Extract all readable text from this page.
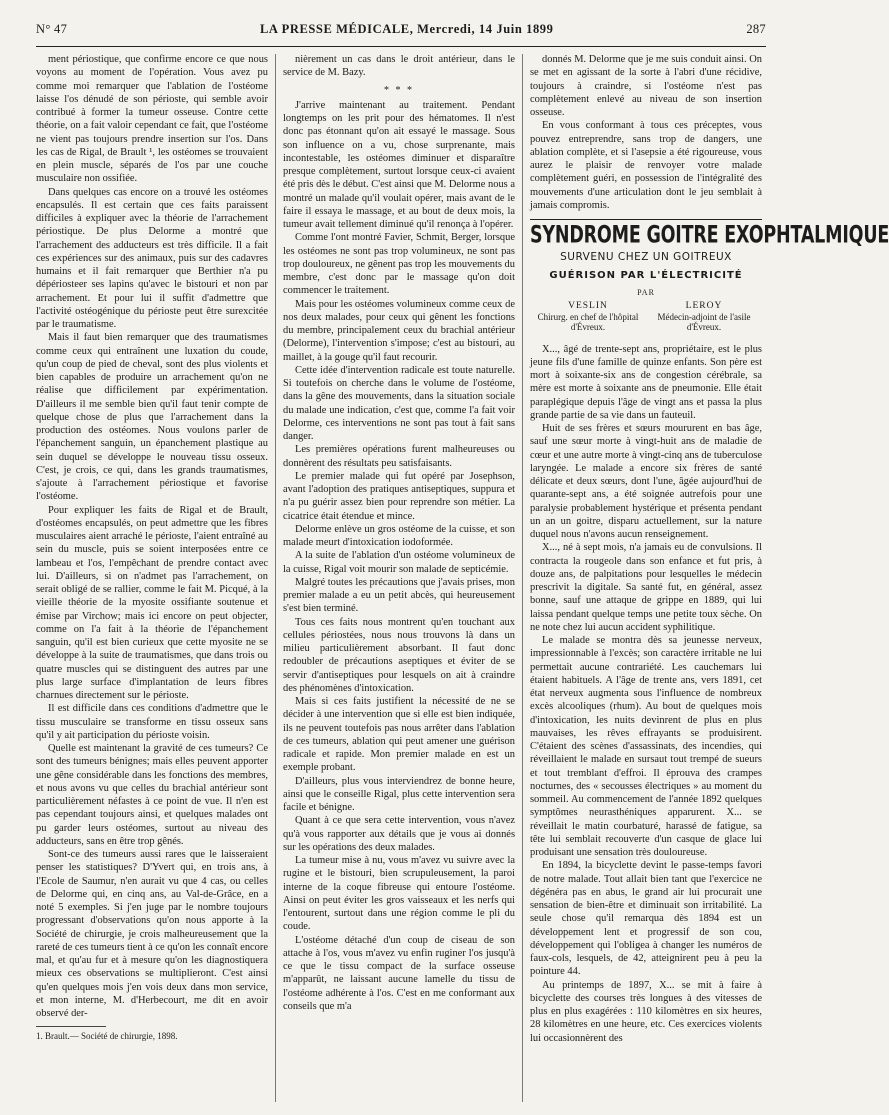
N° 47	LA PRESSE MÉDICALE, Mercredi, 14 Juin 1899	287

ment périostique, que confirme encore ce que nous voyons au moment de l'opération. Vous avez pu comme moi remarquer que l'ablation de l'ostéome laisse l'os dénudé de son périoste, qui semble avoir contribué à former la tumeur osseuse. Contre cette théorie, on a fait valoir cependant ce fait, que l'ostéome ne vient pas toujours prendre insertion sur l'os. Dans les cas de Rigal, de Brault ¹, les ostéomes se trouvaient en plein muscle, séparés de l'os par une couche musculaire non ossifiée.

Dans quelques cas encore on a trouvé les ostéomes encapsulés. Il est certain que ces faits paraissent difficiles à expliquer avec la théorie de l'arrachement périostique. De plus Delorme a montré que l'arrachement des adducteurs est très difficile. Il a fait ces expériences sur des animaux, puis sur des cadavres humains et il fait remarquer que Berthier n'a pu dépériosteer ses lapins qu'avec le bistouri et non par arrachement. Et pour lui il suffit d'admettre que l'activité ostéogénique du périoste peut être surexcitée par le traumatisme.

Mais il faut bien remarquer que des traumatismes comme ceux qui entraînent une luxation du coude, qu'un coup de pied de cheval, sont des plus violents et bien capables de produire un arrachement qu'on ne réalise que difficilement par expérimentation. D'ailleurs il me semble bien qu'il faut tenir compte de quelque chose de plus que l'arrachement dans la production des ostéomes. Nous voulons parler de l'épanchement sanguin, un épanchement plastique au sein duquel se développe le nouveau tissu osseux. C'est, je crois, ce qui, dans les grands traumatismes, s'ajoute à l'arrachement périostique et favorise l'ostéome.

Pour expliquer les faits de Rigal et de Brault, d'ostéomes encapsulés, on peut admettre que les fibres musculaires aient arraché le périoste, l'aient entraîné au sein du muscle, puis se soient interposées entre ce lambeau et l'os, l'empêchant de prendre contact avec lui. D'ailleurs, si on n'admet pas l'arrachement, on serait obligé de se rallier, comme le fait M. Picqué, à la vieille théorie de la myosite ossifiante soutenue et émise par Virchow; mais ici encore on peut objecter, comme on l'a fait à la théorie de l'épanchement sanguin, qu'il est bien curieux que cette myosite ne se développe à la suite de traumatismes, que dans trois ou quatre muscles qui se distinguent des autres par une plus large surface d'implantation de leurs fibres charnues directement sur le périoste.

Il est difficile dans ces conditions d'admettre que le tissu musculaire se transforme en tissu osseux sans qu'il y ait participation du périoste voisin.

Quelle est maintenant la gravité de ces tumeurs? Ce sont des tumeurs bénignes; mais elles peuvent apporter une gêne considérable dans les fonctions des membres, et nous avons vu que celles du brachial antérieur sont particulièrement néfastes à ce point de vue. Il n'en est pas cependant toujours ainsi, et quelques malades ont pu garder leurs ostéomes, surtout au niveau des adducteurs, sans en être trop gênés.

Sont-ce des tumeurs aussi rares que le laisseraient penser les statistiques? D'Yvert qui, en trois ans, à l'Ecole de Saumur, n'en aurait vu que 4 cas, ou celles de Delorme qui, en cinq ans, au Val-de-Grâce, en a noté 5 exemples. Si j'en juge par le nombre toujours progressant d'observations qu'on nous apporte à la Société de chirurgie, je crois malheureusement que la rareté de ces tumeurs tient à ce qu'on les connaît encore mal, et qu'au fur et à mesure qu'on les diagnostiquera mieux ces observations se multiplieront. C'est ainsi qu'en quelques mois j'en vois deux dans mon service, et mon interne, M. d'Herbecourt, me dit en avoir observé der-

1. Brault.— Société de chirurgie, 1898.

nièrement un cas dans le droit antérieur, dans le service de M. Bazy.

* * *

J'arrive maintenant au traitement. Pendant longtemps on les prit pour des hématomes. Il n'est donc pas étonnant qu'on ait essayé le massage. Sous son influence on a vu, chose surprenante, mais incontestable, les ostéomes diminuer et disparaître presque complètement, surtout lorsque ceux-ci avaient été pris dès le début. C'est ainsi que M. Delorme nous a montré un malade qu'il voulait opérer, mais avant de le faire il essaya le massage, et au bout de deux mois, la tumeur avait tellement diminué qu'il renonça à l'opérer.

Comme l'ont montré Favier, Schmit, Berger, lorsque les ostéomes ne sont pas trop volumineux, ne sont pas trop douloureux, ne gênent pas trop les mouvements du membre, c'est donc par le massage qu'on doit commencer le traitement.

Mais pour les ostéomes volumineux comme ceux de nos deux malades, pour ceux qui gênent les fonctions du membre, principalement ceux du brachial antérieur (Delorme), l'intervention s'impose; c'est au bistouri, au maillet, à la gouge qu'il faut recourir.

Cette idée d'intervention radicale est toute naturelle. Si toutefois on cherche dans le volume de l'ostéome, dans la gêne des mouvements, dans la situation sociale du malade une indication, c'est que, comme l'a fait voir Delorme, ces interventions ne sont pas tout à fait sans danger.

Les premières opérations furent malheureuses ou donnèrent des résultats peu satisfaisants.

Le premier malade qui fut opéré par Josephson, avant l'adoption des pratiques antiseptiques, suppura et n'a pu guérir assez bien pour reprendre son métier. La cicatrice était étendue et mince.

Delorme enlève un gros ostéome de la cuisse, et son malade meurt d'intoxication iodoformée.

A la suite de l'ablation d'un ostéome volumineux de la cuisse, Rigal voit mourir son malade de septicémie.

Malgré toutes les précautions que j'avais prises, mon premier malade a eu un petit abcès, qui heureusement s'est bien terminé.

Tous ces faits nous montrent qu'en touchant aux cellules périostées, nous nous trouvons là dans un milieu particulièrement absorbant. Il faut donc redoubler de précautions aseptiques et éviter de se servir d'antiseptiques pour lesquels on ait à craindre des phénomènes d'intoxication.

Mais si ces faits justifient la nécessité de ne se décider à une intervention que si elle est bien indiquée, ils ne peuvent toutefois pas nous arrêter dans l'ablation de ces tumeurs, ablation qui peut amener une guérison radicale et rapide. Mon premier malade en est un exemple probant.

D'ailleurs, plus vous interviendrez de bonne heure, ainsi que le conseille Rigal, plus cette intervention sera facile et bénigne.

Quant à ce que sera cette intervention, vous n'avez qu'à vous rapporter aux détails que je vous ai donnés sur les opérations des deux malades.

La tumeur mise à nu, vous m'avez vu suivre avec la rugine et le bistouri, bien scrupuleusement, la paroi interne de la coque fibreuse qui entoure l'ostéome. Ainsi on peut éviter les gros vaisseaux et les nerfs qui l'entourent, surtout dans une région comme le pli du coude.

L'ostéome détaché d'un coup de ciseau de son attache à l'os, vous m'avez vu enfin ruginer l'os jusqu'à ce que le tissu compact de la surface osseuse m'apparût, ne laissant aucune lamelle du tissu de l'ostéome adhérente à l'os. C'est en me conformant aux conseils que m'a

donnés M. Delorme que je me suis conduit ainsi. On se met en agissant de la sorte à l'abri d'une récidive, toujours à craindre, si l'ostéome n'est pas complètement enlevé au niveau de son insertion osseuse.

En vous conformant à tous ces préceptes, vous pouvez entreprendre, sans trop de dangers, une ablation complète, et si l'asepsie a été rigoureuse, vous aurez le plaisir de renvoyer votre malade complètement guéri, en possession de l'intégralité des mouvements d'une articulation dont le jeu semblait à jamais compromis.

SYNDROME GOITRE EXOPHTALMIQUE
SURVENU CHEZ UN GOITREUX
GUÉRISON PAR L'ÉLECTRICITÉ
PAR
VESLIN
Chirurg. en chef de l'hôpital d'Évreux.
LEROY
Médecin-adjoint de l'asile d'Évreux.

X..., âgé de trente-sept ans, propriétaire, est le plus jeune fils d'une famille de quinze enfants. Son père est mort à soixante-six ans de congestion cérébrale, sa mère est morte à soixante ans de pneumonie. Elle était paraplégique depuis l'âge de vingt ans et passa la plus grande partie de sa vie dans un fauteuil.

Huit de ses frères et sœurs moururent en bas âge, sauf une sœur morte à vingt-huit ans de maladie de cœur et une autre morte à vingt-cinq ans de tuberculose laryngée. Le malade a encore six frères de santé délicate et deux sœurs, dont l'une, âgée aujourd'hui de quarante-sept ans, a été soignée autrefois pour une paralysie probablement hystérique et présenta pendant un an un goitre, disparu actuellement, sur la nature duquel nous n'avons aucun renseignement.

X..., né à sept mois, n'a jamais eu de convulsions. Il contracta la rougeole dans son enfance et fut pris, à douze ans, de palpitations pour lesquelles le médecin prescrivit la digitale. Sa santé fut, en général, assez bonne, sauf une attaque de grippe en 1889, qui lui laissa pendant quelque temps une petite toux sèche. On ne note chez lui aucun accident syphilitique.

Le malade se montra dès sa jeunesse nerveux, impressionnable à l'excès; son caractère irritable ne lui permettait aucune contrariété. Les cauchemars lui étaient habituels. A l'âge de trente ans, vers 1891, cet état nerveux augmenta sous l'influence de nombreux excès alcooliques (rhum). Au bout de quelques mois d'intoxication, les nuits devinrent de plus en plus mauvaises, les rêves effrayants se produisirent. C'étaient des scènes d'assassinats, des incendies, qui réveillaient le malade en sursaut tout trempé de sueurs et tout tremblant d'effroi. Il éprouva des crampes nocturnes, des « secousses électriques » au moment du sommeil. Au commencement de l'année 1892 quelques symptômes neurasthéniques apparurent. X... se réveillait le matin courbaturé, harassé de fatigue, sa tête lui semblait recouverte d'un casque de glace lui produisant une sensation très douloureuse.

En 1894, la bicyclette devint le passe-temps favori de notre malade. Tout allait bien tant que l'exercice ne dégénéra pas en abus, le grand air lui procurait une sensation de bien-être et diminuait son irritabilité. La seule chose qu'il remarqua dès 1894 est un développement lent et progressif de son cou, développement qui l'obligea à changer les numéros de faux-cols, lesquels, de 42, atteignirent peu à peu la pointure 44.

Au printemps de 1897, X... se mit à faire à bicyclette des courses très longues à des vitesses de plus en plus exagérées : 110 kilomètres en six heures, 28 kilomètres en une heure, etc. Ces exercices violents lui occasionnèrent des
